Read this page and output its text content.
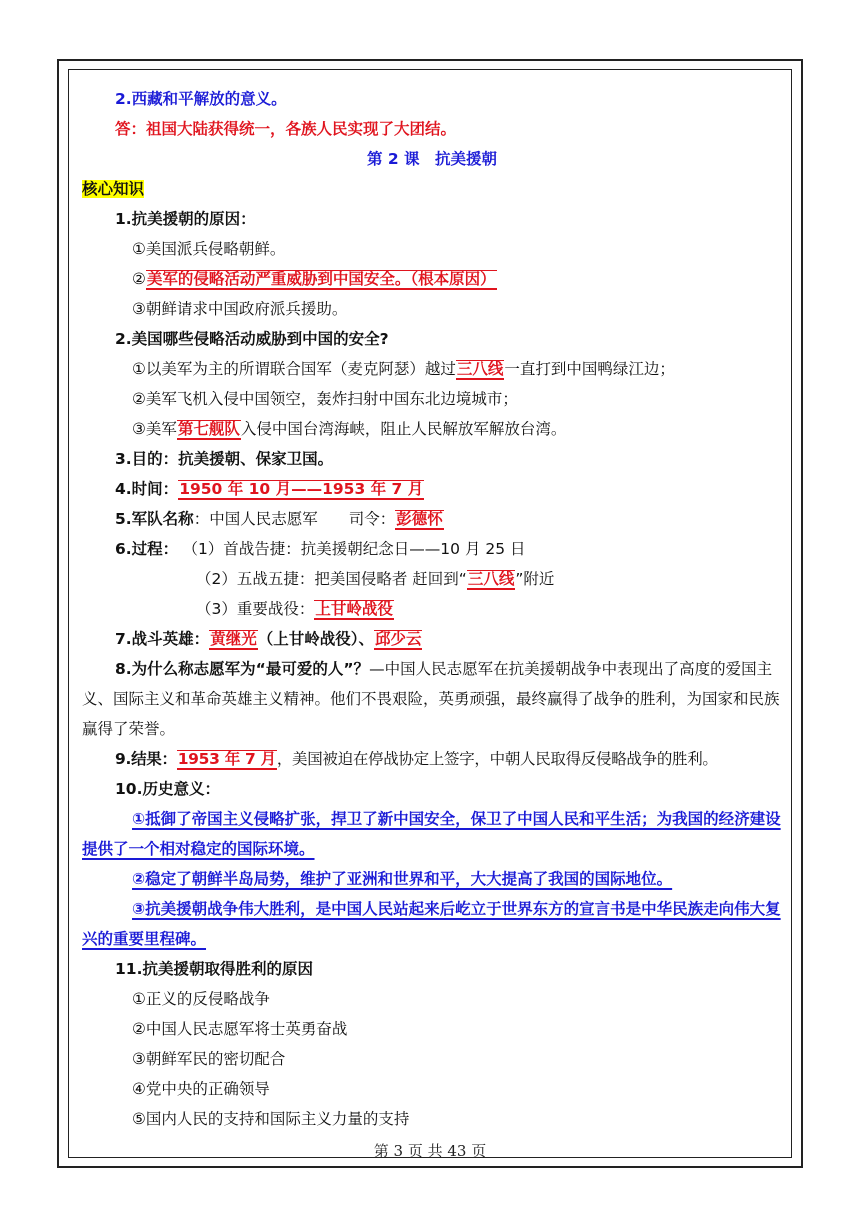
2.西藏和平解放的意义。
答：祖国大陆获得统一，各族人民实现了大团结。
第 2 课　抗美援朝
核心知识
1.抗美援朝的原因：
①美国派兵侵略朝鲜。
②美军的侵略活动严重威胁到中国安全。（根本原因）
③朝鲜请求中国政府派兵援助。
2.美国哪些侵略活动威胁到中国的安全?
①以美军为主的所谓联合国军（麦克阿瑟）越过三八线一直打到中国鸭绿江边；
②美军飞机入侵中国领空，轰炸扫射中国东北边境城市；
③美军第七舰队入侵中国台湾海峡，阻止人民解放军解放台湾。
3.目的：抗美援朝、保家卫国。
4.时间：1950 年 10 月——1953 年 7 月
5.军队名称：中国人民志愿军　　司令：彭德怀
6.过程： （1）首战告捷：抗美援朝纪念日——10 月 25 日
（2）五战五捷：把美国侵略者 赶回到“三八线”附近
（3）重要战役：上甘岭战役
7.战斗英雄：黄继光（上甘岭战役）、邱少云
8.为什么称志愿军为“最可爱的人”？—中国人民志愿军在抗美援朝战争中表现出了高度的爱国主义、国际主义和革命英雄主义精神。他们不畏艰险，英勇顽强，最终赢得了战争的胜利，为国家和民族赢得了荣誉。
9.结果：1953 年 7 月，美国被迫在停战协定上签字，中朝人民取得反侵略战争的胜利。
10.历史意义：
①抵御了帝国主义侵略扩张，捍卫了新中国安全，保卫了中国人民和平生活；为我国的经济建设提供了一个相对稳定的国际环境。
②稳定了朝鲜半岛局势，维护了亚洲和世界和平，大大提高了我国的国际地位。
③抗美援朝战争伟大胜利，是中国人民站起来后屹立于世界东方的宣言书是中华民族走向伟大复兴的重要里程碑。
11.抗美援朝取得胜利的原因
①正义的反侵略战争
②中国人民志愿军将士英勇奋战
③朝鲜军民的密切配合
④党中央的正确领导
⑤国内人民的支持和国际主义力量的支持
第 3 页 共 43 页
